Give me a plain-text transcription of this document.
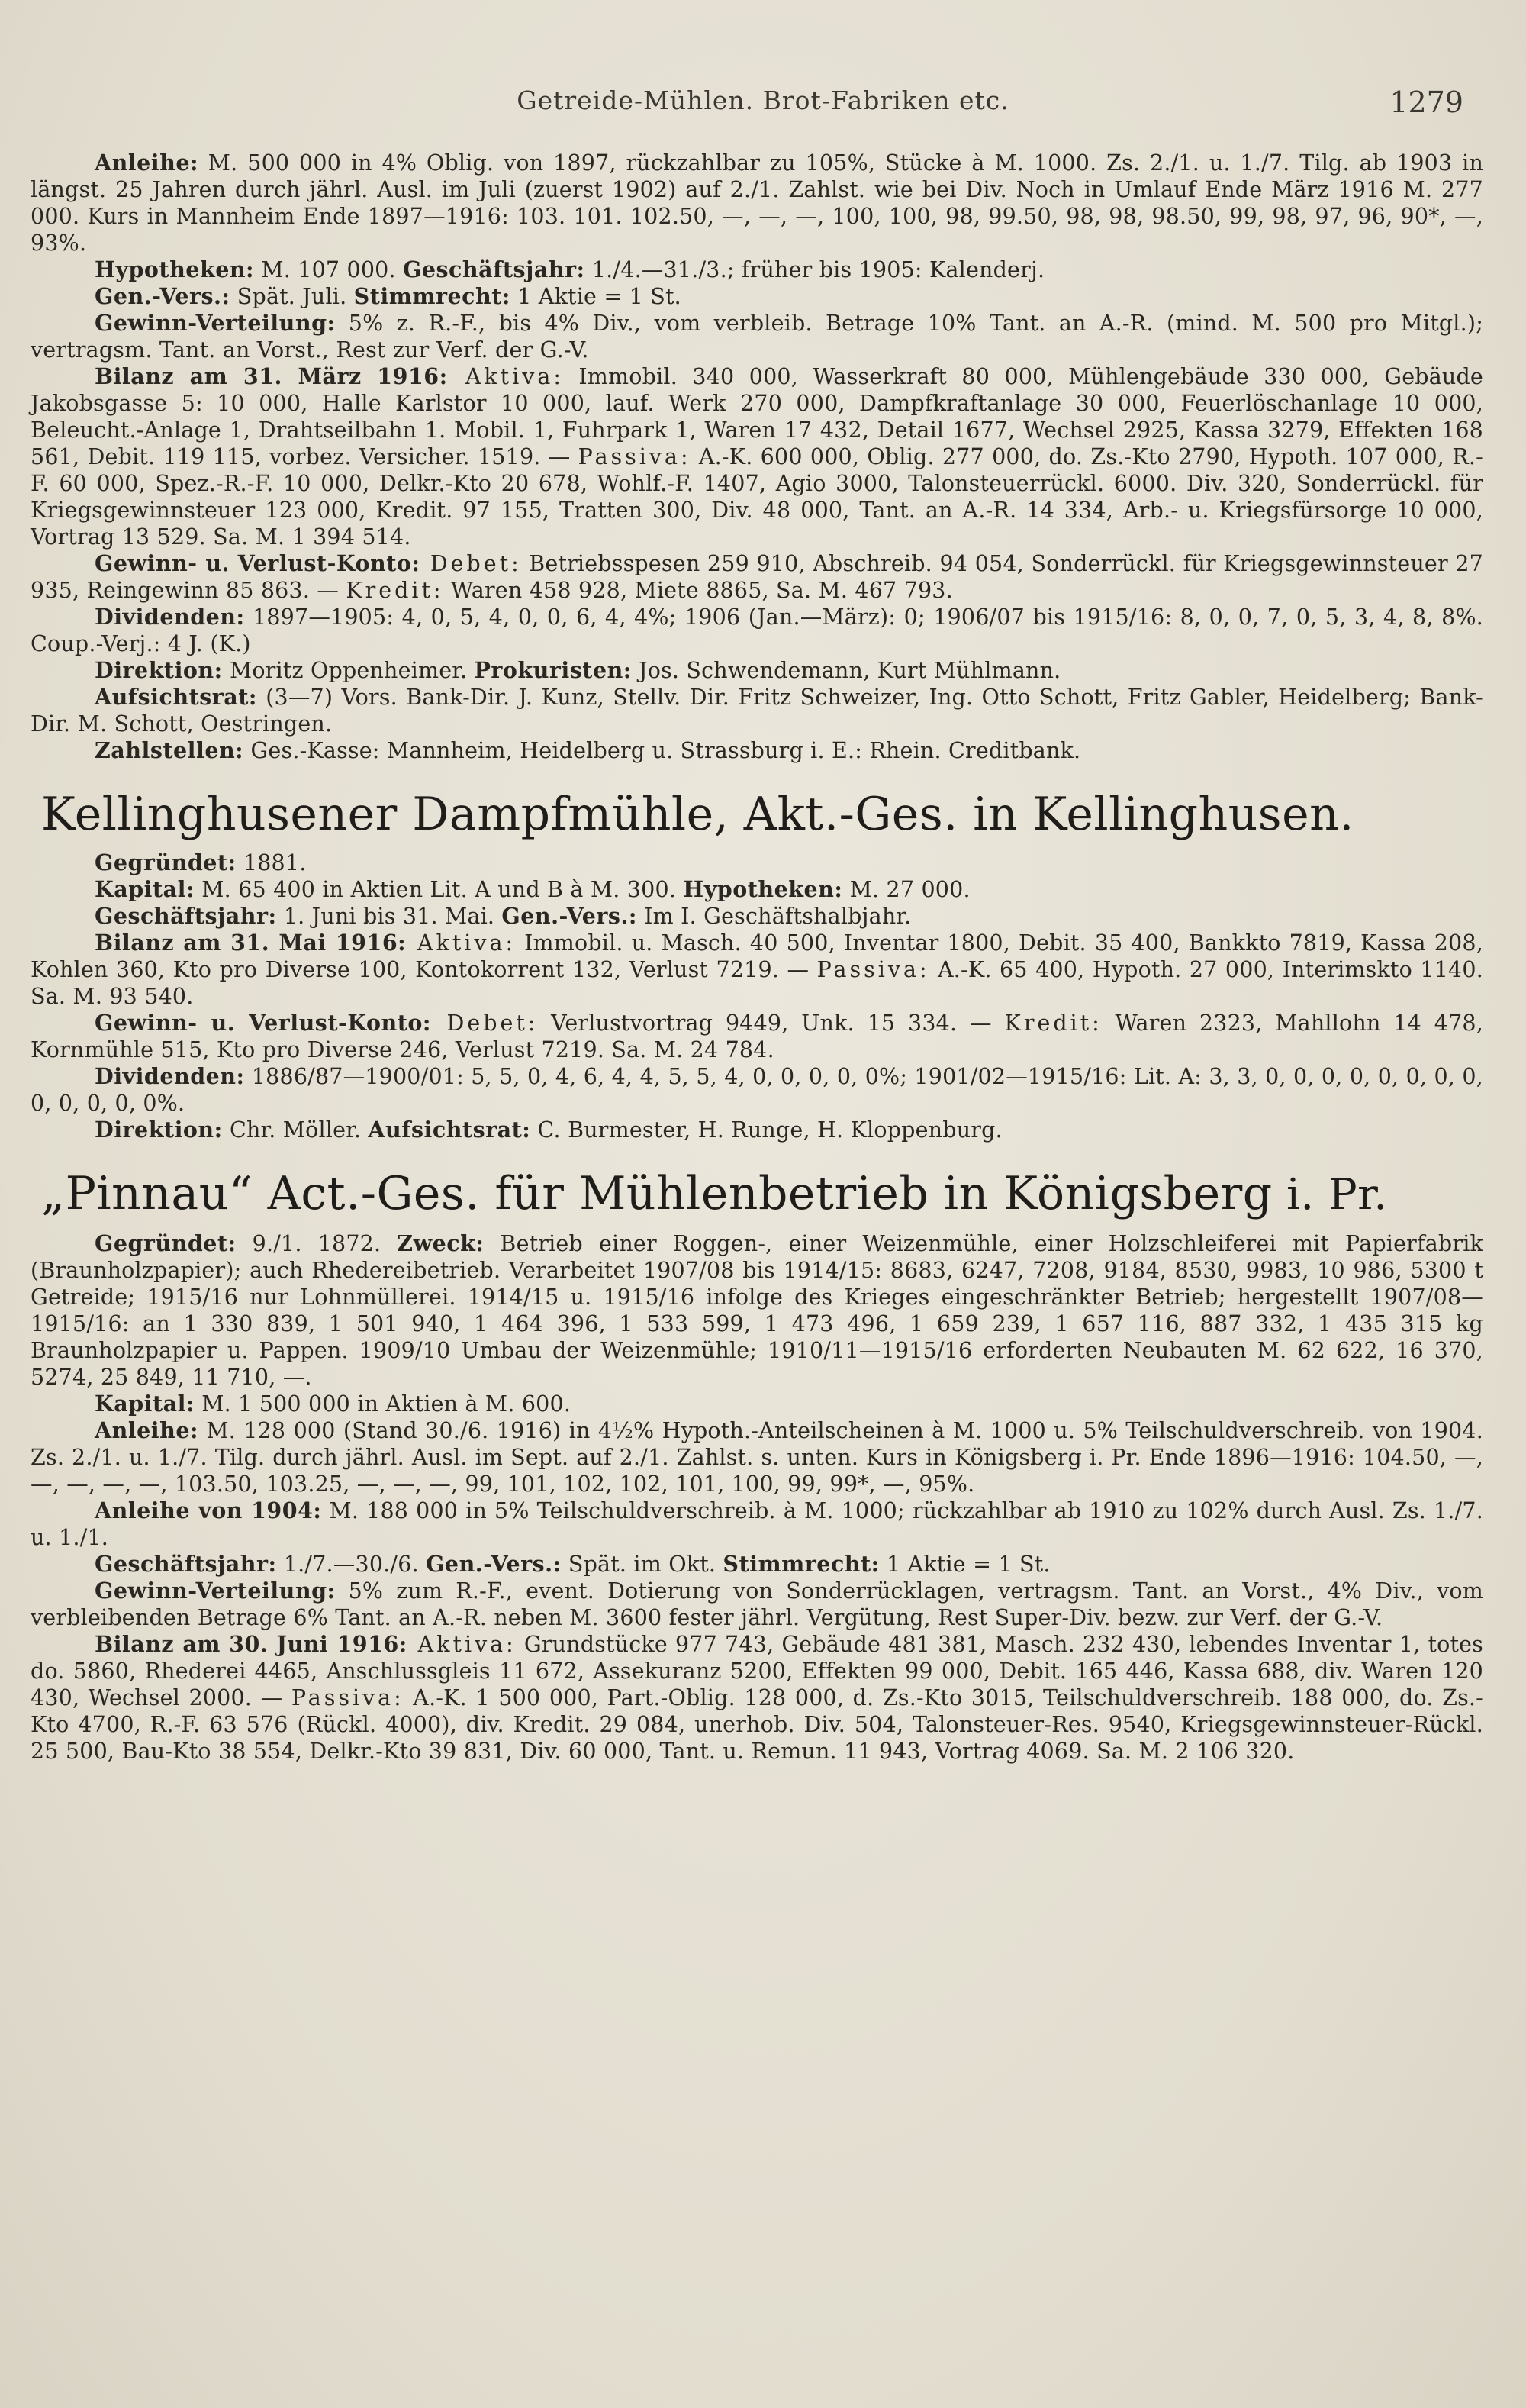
Getreide-Mühlen. Brot-Fabriken etc.	1279

Anleihe: M. 500 000 in 4% Oblig. von 1897, rückzahlbar zu 105%, Stücke à M. 1000. Zs. 2./1. u. 1./7. Tilg. ab 1903 in längst. 25 Jahren durch jährl. Ausl. im Juli (zuerst 1902) auf 2./1. Zahlst. wie bei Div. Noch in Umlauf Ende März 1916 M. 277 000. Kurs in Mannheim Ende 1897—1916: 103. 101. 102.50, —, —, —, 100, 100, 98, 99.50, 98, 98, 98.50, 99, 98, 97, 96, 90*, —, 93%.

Hypotheken: M. 107 000. Geschäftsjahr: 1./4.—31./3.; früher bis 1905: Kalenderj.

Gen.-Vers.: Spät. Juli. Stimmrecht: 1 Aktie = 1 St.

Gewinn-Verteilung: 5% z. R.-F., bis 4% Div., vom verbleib. Betrage 10% Tant. an A.-R. (mind. M. 500 pro Mitgl.); vertragsm. Tant. an Vorst., Rest zur Verf. der G.-V.

Bilanz am 31. März 1916: Aktiva: Immobil. 340 000, Wasserkraft 80 000, Mühlengebäude 330 000, Gebäude Jakobsgasse 5: 10 000, Halle Karlstor 10 000, lauf. Werk 270 000, Dampfkraftanlage 30 000, Feuerlöschanlage 10 000, Beleucht.-Anlage 1, Drahtseilbahn 1. Mobil. 1, Fuhrpark 1, Waren 17 432, Detail 1677, Wechsel 2925, Kassa 3279, Effekten 168 561, Debit. 119 115, vorbez. Versicher. 1519. — Passiva: A.-K. 600 000, Oblig. 277 000, do. Zs.-Kto 2790, Hypoth. 107 000, R.-F. 60 000, Spez.-R.-F. 10 000, Delkr.-Kto 20 678, Wohlf.-F. 1407, Agio 3000, Talonsteuerrückl. 6000. Div. 320, Sonderrückl. für Kriegsgewinnsteuer 123 000, Kredit. 97 155, Tratten 300, Div. 48 000, Tant. an A.-R. 14 334, Arb.- u. Kriegsfürsorge 10 000, Vortrag 13 529. Sa. M. 1 394 514.

Gewinn- u. Verlust-Konto: Debet: Betriebsspesen 259 910, Abschreib. 94 054, Sonderrückl. für Kriegsgewinnsteuer 27 935, Reingewinn 85 863. — Kredit: Waren 458 928, Miete 8865, Sa. M. 467 793.

Dividenden: 1897—1905: 4, 0, 5, 4, 0, 0, 6, 4, 4%; 1906 (Jan.—März): 0; 1906/07 bis 1915/16: 8, 0, 0, 7, 0, 5, 3, 4, 8, 8%. Coup.-Verj.: 4 J. (K.)

Direktion: Moritz Oppenheimer. Prokuristen: Jos. Schwendemann, Kurt Mühlmann.

Aufsichtsrat: (3—7) Vors. Bank-Dir. J. Kunz, Stellv. Dir. Fritz Schweizer, Ing. Otto Schott, Fritz Gabler, Heidelberg; Bank-Dir. M. Schott, Oestringen.

Zahlstellen: Ges.-Kasse: Mannheim, Heidelberg u. Strassburg i. E.: Rhein. Creditbank.

Kellinghusener Dampfmühle, Akt.-Ges. in Kellinghusen.

Gegründet: 1881.

Kapital: M. 65 400 in Aktien Lit. A und B à M. 300. Hypotheken: M. 27 000.

Geschäftsjahr: 1. Juni bis 31. Mai. Gen.-Vers.: Im I. Geschäftshalbjahr.

Bilanz am 31. Mai 1916: Aktiva: Immobil. u. Masch. 40 500, Inventar 1800, Debit. 35 400, Bankkto 7819, Kassa 208, Kohlen 360, Kto pro Diverse 100, Kontokorrent 132, Verlust 7219. — Passiva: A.-K. 65 400, Hypoth. 27 000, Interimskto 1140. Sa. M. 93 540.

Gewinn- u. Verlust-Konto: Debet: Verlustvortrag 9449, Unk. 15 334. — Kredit: Waren 2323, Mahllohn 14 478, Kornmühle 515, Kto pro Diverse 246, Verlust 7219. Sa. M. 24 784.

Dividenden: 1886/87—1900/01: 5, 5, 0, 4, 6, 4, 4, 5, 5, 4, 0, 0, 0, 0, 0%; 1901/02—1915/16: Lit. A: 3, 3, 0, 0, 0, 0, 0, 0, 0, 0, 0, 0, 0, 0, 0%.

Direktion: Chr. Möller. Aufsichtsrat: C. Burmester, H. Runge, H. Kloppenburg.

„Pinnau“ Act.-Ges. für Mühlenbetrieb in Königsberg i. Pr.

Gegründet: 9./1. 1872. Zweck: Betrieb einer Roggen-, einer Weizenmühle, einer Holzschleiferei mit Papierfabrik (Braunholzpapier); auch Rhedereibetrieb. Verarbeitet 1907/08 bis 1914/15: 8683, 6247, 7208, 9184, 8530, 9983, 10 986, 5300 t Getreide; 1915/16 nur Lohnmüllerei. 1914/15 u. 1915/16 infolge des Krieges eingeschränkter Betrieb; hergestellt 1907/08—1915/16: an 1 330 839, 1 501 940, 1 464 396, 1 533 599, 1 473 496, 1 659 239, 1 657 116, 887 332, 1 435 315 kg Braunholzpapier u. Pappen. 1909/10 Umbau der Weizenmühle; 1910/11—1915/16 erforderten Neubauten M. 62 622, 16 370, 5274, 25 849, 11 710, —.

Kapital: M. 1 500 000 in Aktien à M. 600.

Anleihe: M. 128 000 (Stand 30./6. 1916) in 4½% Hypoth.-Anteilscheinen à M. 1000 u. 5% Teilschuldverschreib. von 1904. Zs. 2./1. u. 1./7. Tilg. durch jährl. Ausl. im Sept. auf 2./1. Zahlst. s. unten. Kurs in Königsberg i. Pr. Ende 1896—1916: 104.50, —, —, —, —, —, 103.50, 103.25, —, —, —, 99, 101, 102, 102, 101, 100, 99, 99*, —, 95%.

Anleihe von 1904: M. 188 000 in 5% Teilschuldverschreib. à M. 1000; rückzahlbar ab 1910 zu 102% durch Ausl. Zs. 1./7. u. 1./1.

Geschäftsjahr: 1./7.—30./6. Gen.-Vers.: Spät. im Okt. Stimmrecht: 1 Aktie = 1 St.

Gewinn-Verteilung: 5% zum R.-F., event. Dotierung von Sonderrücklagen, vertragsm. Tant. an Vorst., 4% Div., vom verbleibenden Betrage 6% Tant. an A.-R. neben M. 3600 fester jährl. Vergütung, Rest Super-Div. bezw. zur Verf. der G.-V.

Bilanz am 30. Juni 1916: Aktiva: Grundstücke 977 743, Gebäude 481 381, Masch. 232 430, lebendes Inventar 1, totes do. 5860, Rhederei 4465, Anschlussgleis 11 672, Assekuranz 5200, Effekten 99 000, Debit. 165 446, Kassa 688, div. Waren 120 430, Wechsel 2000. — Passiva: A.-K. 1 500 000, Part.-Oblig. 128 000, d. Zs.-Kto 3015, Teilschuldverschreib. 188 000, do. Zs.-Kto 4700, R.-F. 63 576 (Rückl. 4000), div. Kredit. 29 084, unerhob. Div. 504, Talonsteuer-Res. 9540, Kriegsgewinnsteuer-Rückl. 25 500, Bau-Kto 38 554, Delkr.-Kto 39 831, Div. 60 000, Tant. u. Remun. 11 943, Vortrag 4069. Sa. M. 2 106 320.
